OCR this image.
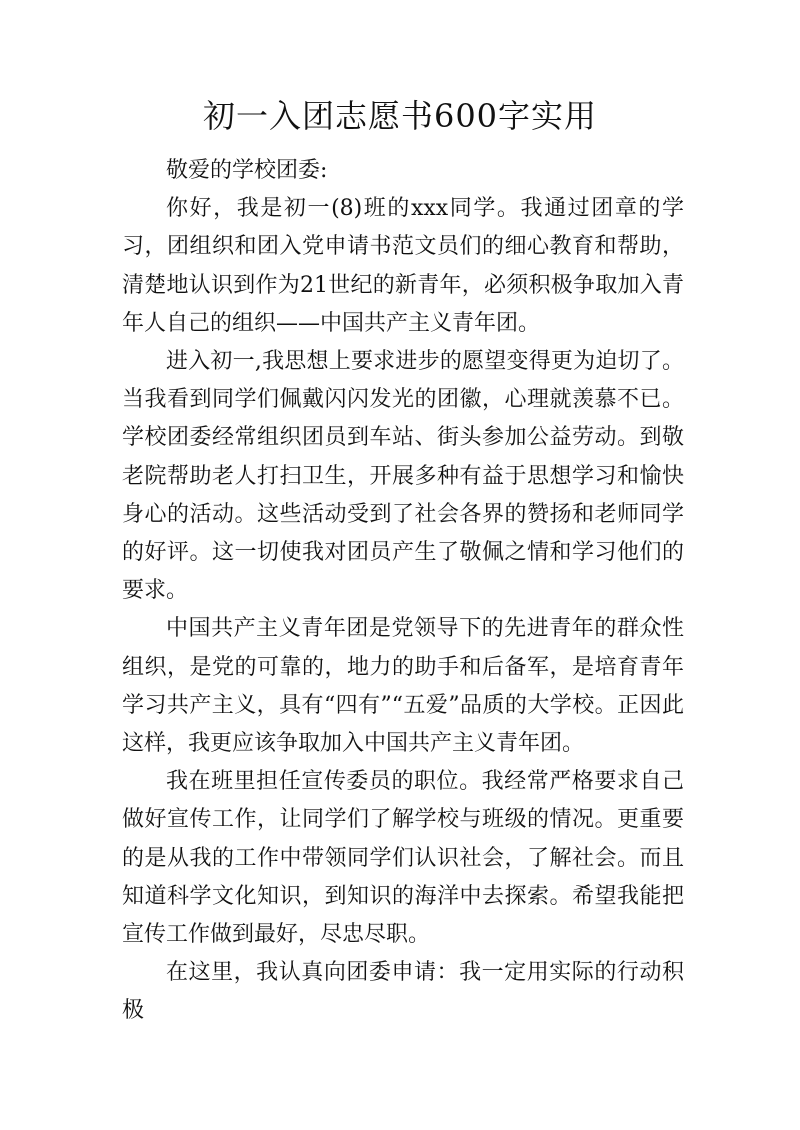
初一入团志愿书600字实用

敬爱的学校团委:

你好，我是初一(8)班的xxx同学。我通过团章的学习，团组织和团入党申请书范文员们的细心教育和帮助，清楚地认识到作为21世纪的新青年，必须积极争取加入青年人自己的组织——中国共产主义青年团。

进入初一,我思想上要求进步的愿望变得更为迫切了。当我看到同学们佩戴闪闪发光的团徽，心理就羡慕不已。学校团委经常组织团员到车站、街头参加公益劳动。到敬老院帮助老人打扫卫生，开展多种有益于思想学习和愉快身心的活动。这些活动受到了社会各界的赞扬和老师同学的好评。这一切使我对团员产生了敬佩之情和学习他们的要求。

中国共产主义青年团是党领导下的先进青年的群众性组织，是党的可靠的，地力的助手和后备军，是培育青年学习共产主义，具有“四有”“五爱”品质的大学校。正因此这样，我更应该争取加入中国共产主义青年团。

我在班里担任宣传委员的职位。我经常严格要求自己做好宣传工作，让同学们了解学校与班级的情况。更重要的是从我的工作中带领同学们认识社会，了解社会。而且知道科学文化知识，到知识的海洋中去探索。希望我能把宣传工作做到最好，尽忠尽职。

在这里，我认真向团委申请：我一定用实际的行动积极
